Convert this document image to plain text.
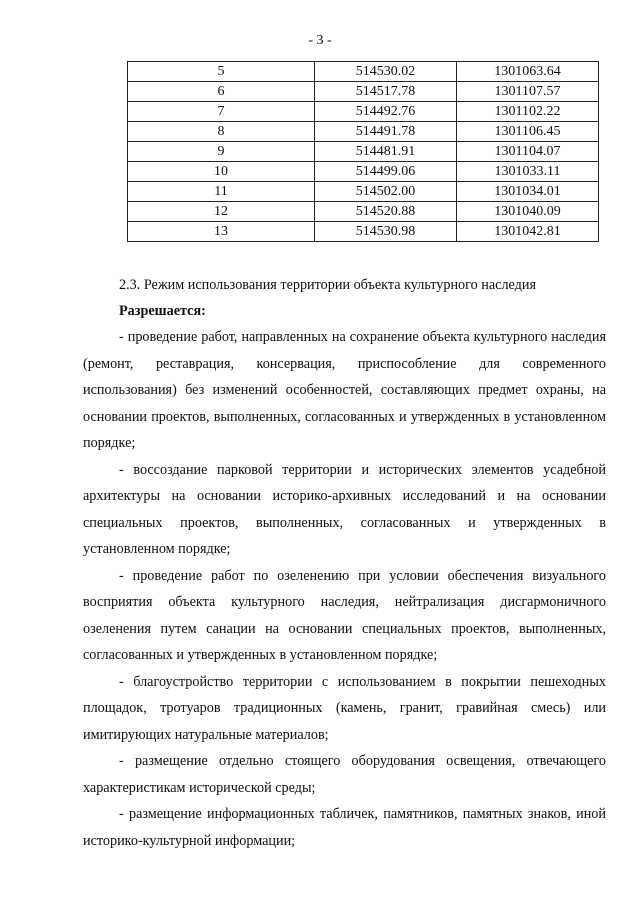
- 3 -
5	514530.02	1301063.64
6	514517.78	1301107.57
7	514492.76	1301102.22
8	514491.78	1301106.45
9	514481.91	1301104.07
10	514499.06	1301033.11
11	514502.00	1301034.01
12	514520.88	1301040.09
13	514530.98	1301042.81
2.3. Режим использования территории объекта культурного наследия
Разрешается:

- проведение работ, направленных на сохранение объекта культурного наследия (ремонт, реставрация, консервация, приспособление для современного использования) без изменений особенностей, составляющих предмет охраны, на основании проектов, выполненных, согласованных и утвержденных в установленном порядке;

- воссоздание парковой территории и исторических элементов усадебной архитектуры на основании историко-архивных исследований и на основании специальных проектов, выполненных, согласованных и утвержденных в установленном порядке;

- проведение работ по озеленению при условии обеспечения визуального восприятия объекта культурного наследия, нейтрализация дисгармоничного озеленения путем санации на основании специальных проектов, выполненных, согласованных и утвержденных в установленном порядке;

- благоустройство территории с использованием в покрытии пешеходных площадок, тротуаров традиционных (камень, гранит, гравийная смесь) или имитирующих натуральные материалов;

- размещение отдельно стоящего оборудования освещения, отвечающего характеристикам исторической среды;

- размещение информационных табличек, памятников, памятных знаков, иной историко-культурной информации;
